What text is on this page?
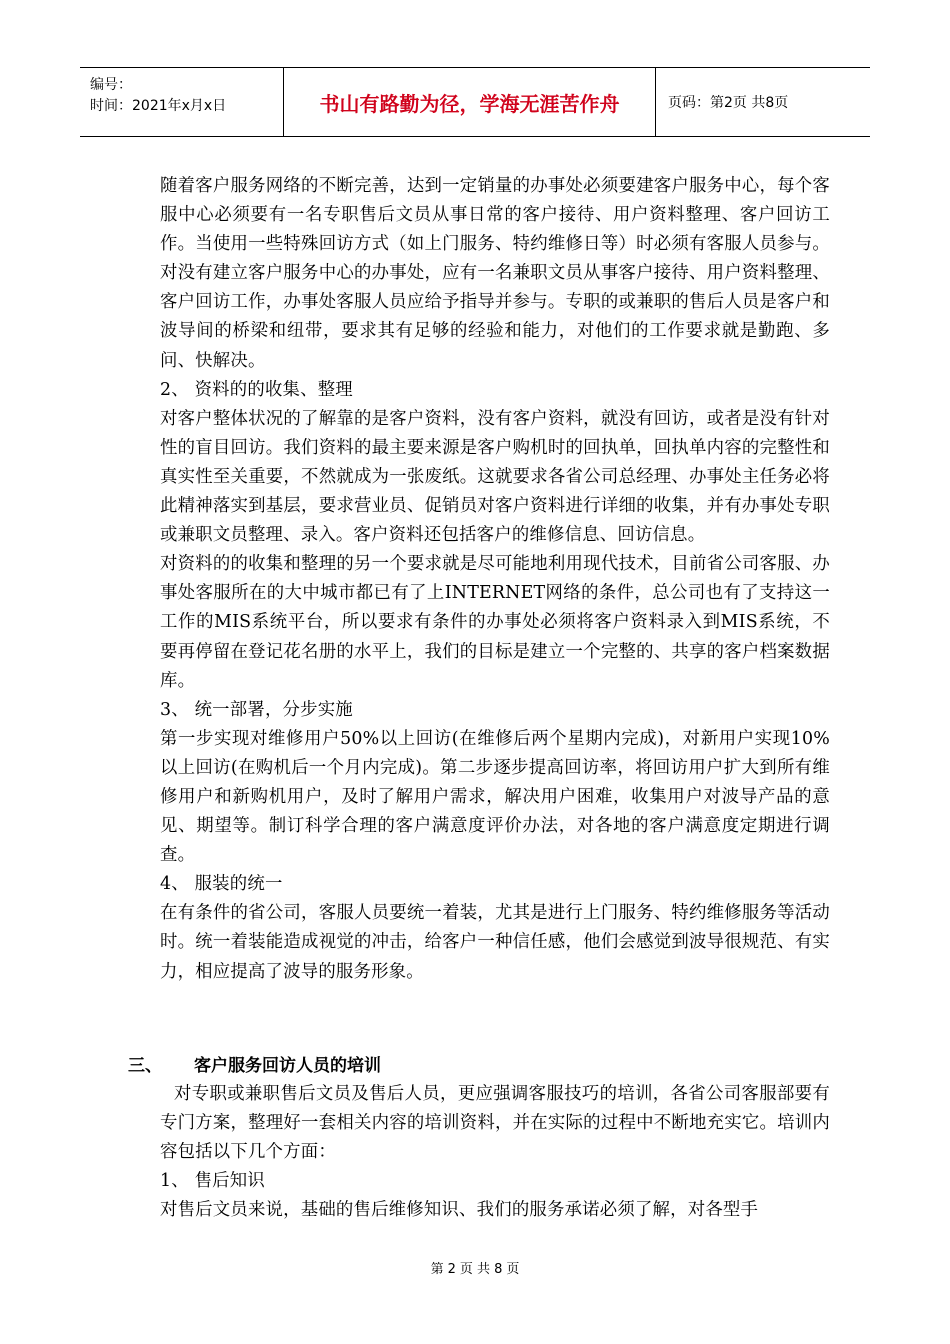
编号：
时间：2021年x月x日	书山有路勤为径，学海无涯苦作舟	页码：第2页 共8页

随着客户服务网络的不断完善，达到一定销量的办事处必须要建客户服务中心，每个客服中心必须要有一名专职售后文员从事日常的客户接待、用户资料整理、客户回访工作。当使用一些特殊回访方式（如上门服务、特约维修日等）时必须有客服人员参与。对没有建立客户服务中心的办事处，应有一名兼职文员从事客户接待、用户资料整理、客户回访工作，办事处客服人员应给予指导并参与。专职的或兼职的售后人员是客户和波导间的桥梁和纽带，要求其有足够的经验和能力，对他们的工作要求就是勤跑、多问、快解决。

2、 资料的的收集、整理

对客户整体状况的了解靠的是客户资料，没有客户资料，就没有回访，或者是没有针对性的盲目回访。我们资料的最主要来源是客户购机时的回执单，回执单内容的完整性和真实性至关重要，不然就成为一张废纸。这就要求各省公司总经理、办事处主任务必将此精神落实到基层，要求营业员、促销员对客户资料进行详细的收集，并有办事处专职或兼职文员整理、录入。客户资料还包括客户的维修信息、回访信息。

对资料的的收集和整理的另一个要求就是尽可能地利用现代技术，目前省公司客服、办事处客服所在的大中城市都已有了上INTERNET网络的条件，总公司也有了支持这一工作的MIS系统平台，所以要求有条件的办事处必须将客户资料录入到MIS系统，不要再停留在登记花名册的水平上，我们的目标是建立一个完整的、共享的客户档案数据库。

3、 统一部署，分步实施

第一步实现对维修用户50%以上回访(在维修后两个星期内完成)，对新用户实现10%以上回访(在购机后一个月内完成)。第二步逐步提高回访率，将回访用户扩大到所有维修用户和新购机用户，及时了解用户需求，解决用户困难，收集用户对波导产品的意见、期望等。制订科学合理的客户满意度评价办法，对各地的客户满意度定期进行调查。

4、 服装的统一

在有条件的省公司，客服人员要统一着装，尤其是进行上门服务、特约维修服务等活动时。统一着装能造成视觉的冲击，给客户一种信任感，他们会感觉到波导很规范、有实力，相应提高了波导的服务形象。

三、 客户服务回访人员的培训

对专职或兼职售后文员及售后人员，更应强调客服技巧的培训，各省公司客服部要有专门方案，整理好一套相关内容的培训资料，并在实际的过程中不断地充实它。培训内容包括以下几个方面：

1、 售后知识

对售后文员来说，基础的售后维修知识、我们的服务承诺必须了解，对各型手

第 2 页 共 8 页
